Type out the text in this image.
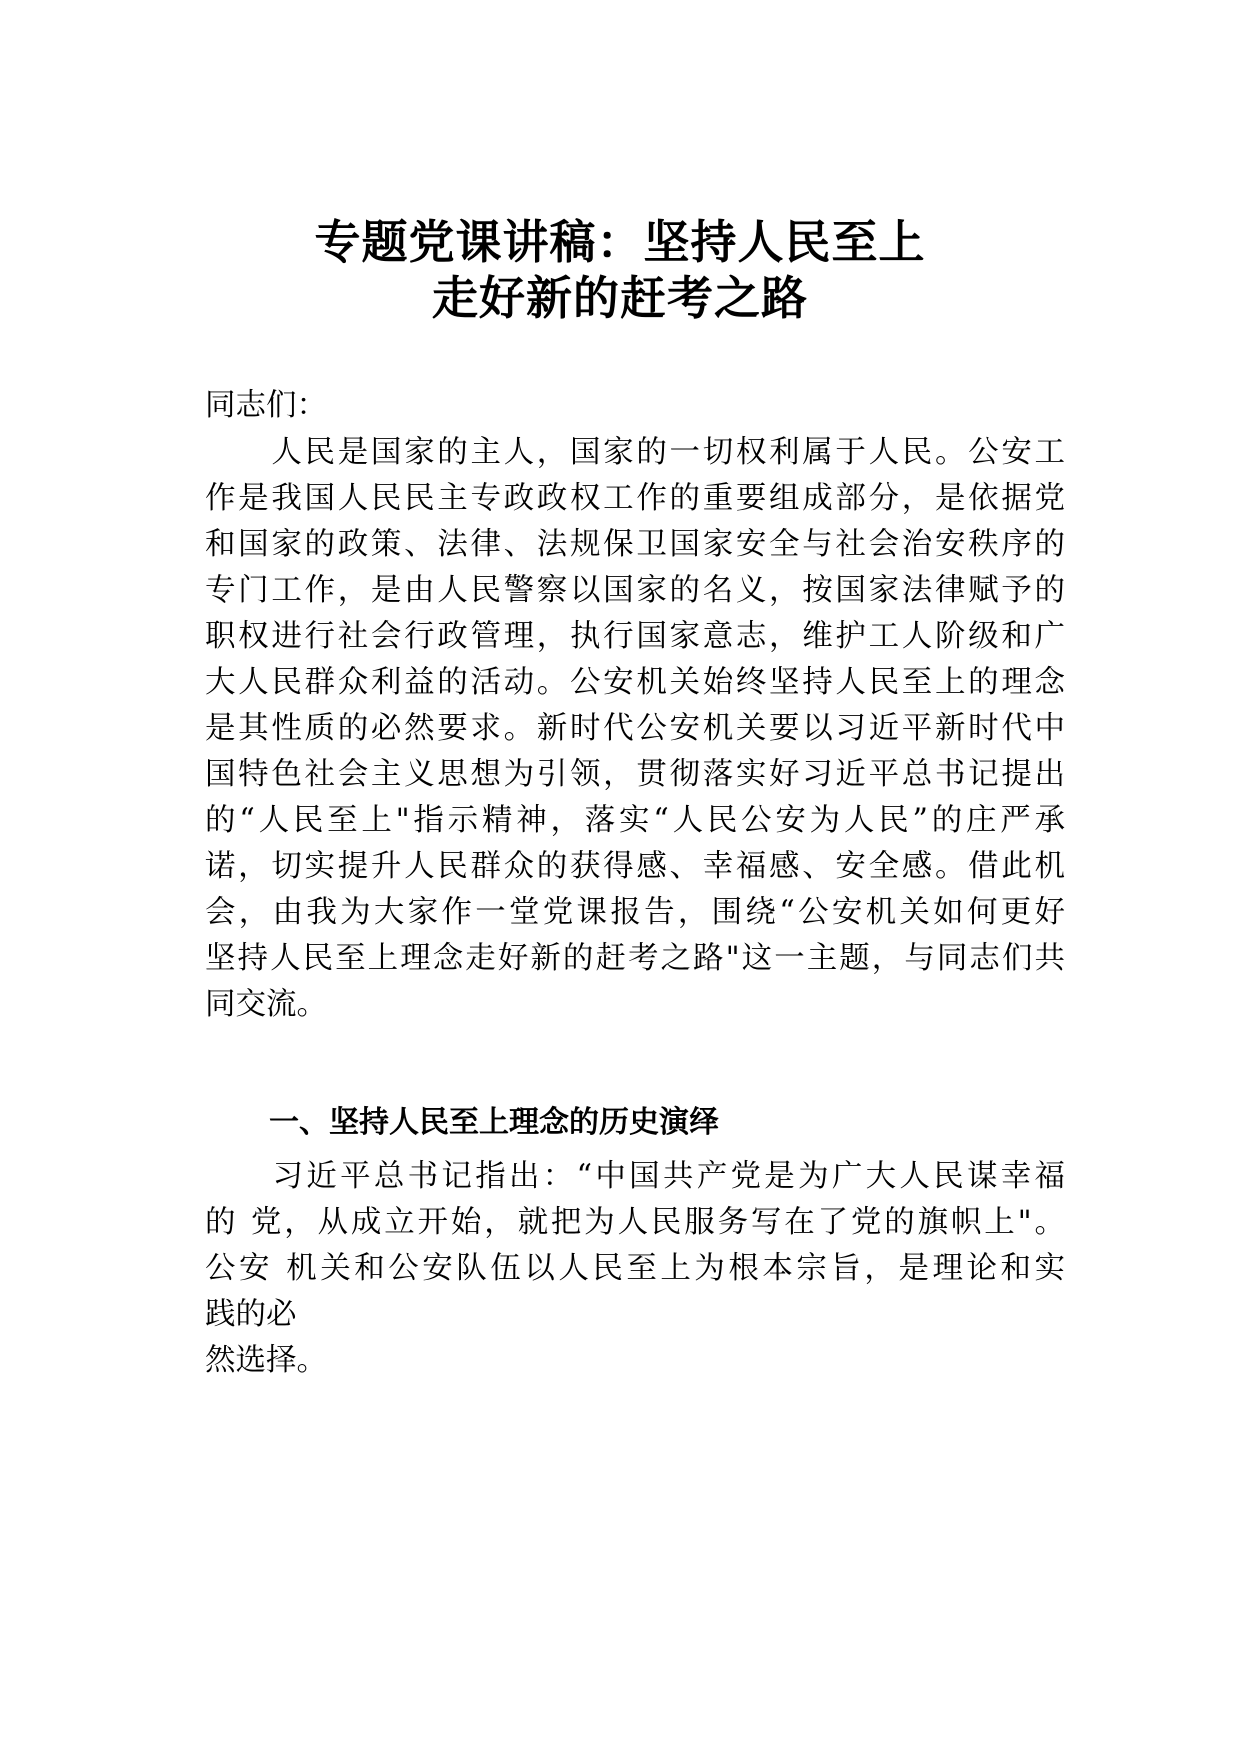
专题党课讲稿：坚持人民至上
走好新的赶考之路
同志们：
　　人民是国家的主人，国家的一切权利属于人民。公安工
作是我国人民民主专政政权工作的重要组成部分，是依据党
和国家的政策、法律、法规保卫国家安全与社会治安秩序的
专门工作，是由人民警察以国家的名义，按国家法律赋予的
职权进行社会行政管理，执行国家意志，维护工人阶级和广
大人民群众利益的活动。公安机关始终坚持人民至上的理念
是其性质的必然要求。新时代公安机关要以习近平新时代中
国特色社会主义思想为引领，贯彻落实好习近平总书记提出
的“人民至上"指示精神，落实“人民公安为人民”的庄严承
诺，切实提升人民群众的获得感、幸福感、安全感。借此机
会，由我为大家作一堂党课报告，围绕“公安机关如何更好
坚持人民至上理念走好新的赶考之路"这一主题，与同志们共
同交流。
一、坚持人民至上理念的历史演绎
　　习近平总书记指出：“中国共产党是为广大人民谋幸福
的 党，从成立开始，就把为人民服务写在了党的旗帜上"。
公安 机关和公安队伍以人民至上为根本宗旨，是理论和实
践的必
然选择。
